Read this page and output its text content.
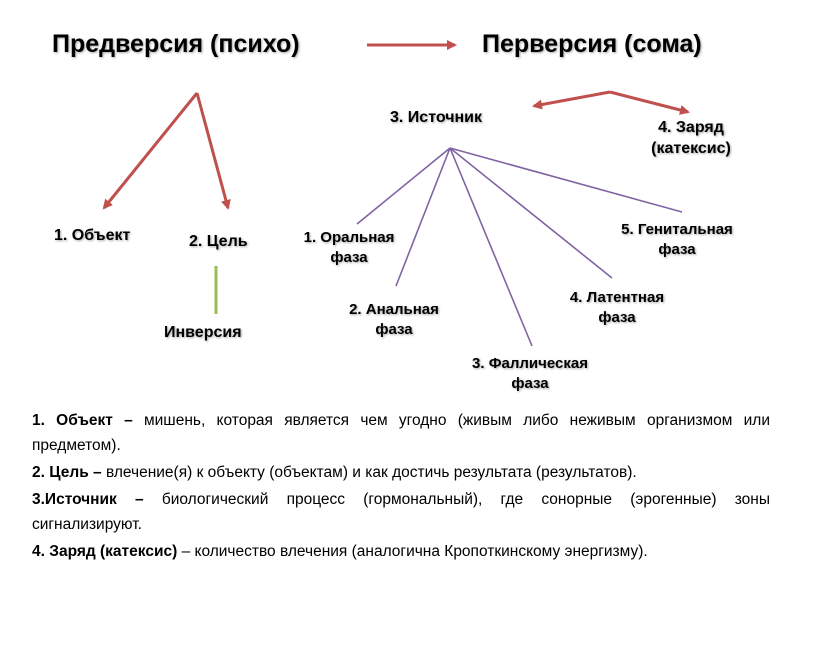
Предверсия (психо)	Перверсия (сома)
1. Объект	2. Цель
Инверсия
3. Источник
4. Заряд
(катексис)
1. Оральная
фаза
2. Анальная
фаза
3. Фаллическая
фаза
4. Латентная
фаза
5. Генитальная
фаза

1. Объект – мишень, которая является чем угодно (живым либо неживым организмом или предметом).

2. Цель – влечение(я) к объекту (объектам) и как достичь результата (результатов).

3.Источник – биологический процесс (гормональный), где сонорные (эрогенные) зоны сигнализируют.

4. Заряд (катексис) – количество влечения (аналогична Кропоткинскому энергизму).
